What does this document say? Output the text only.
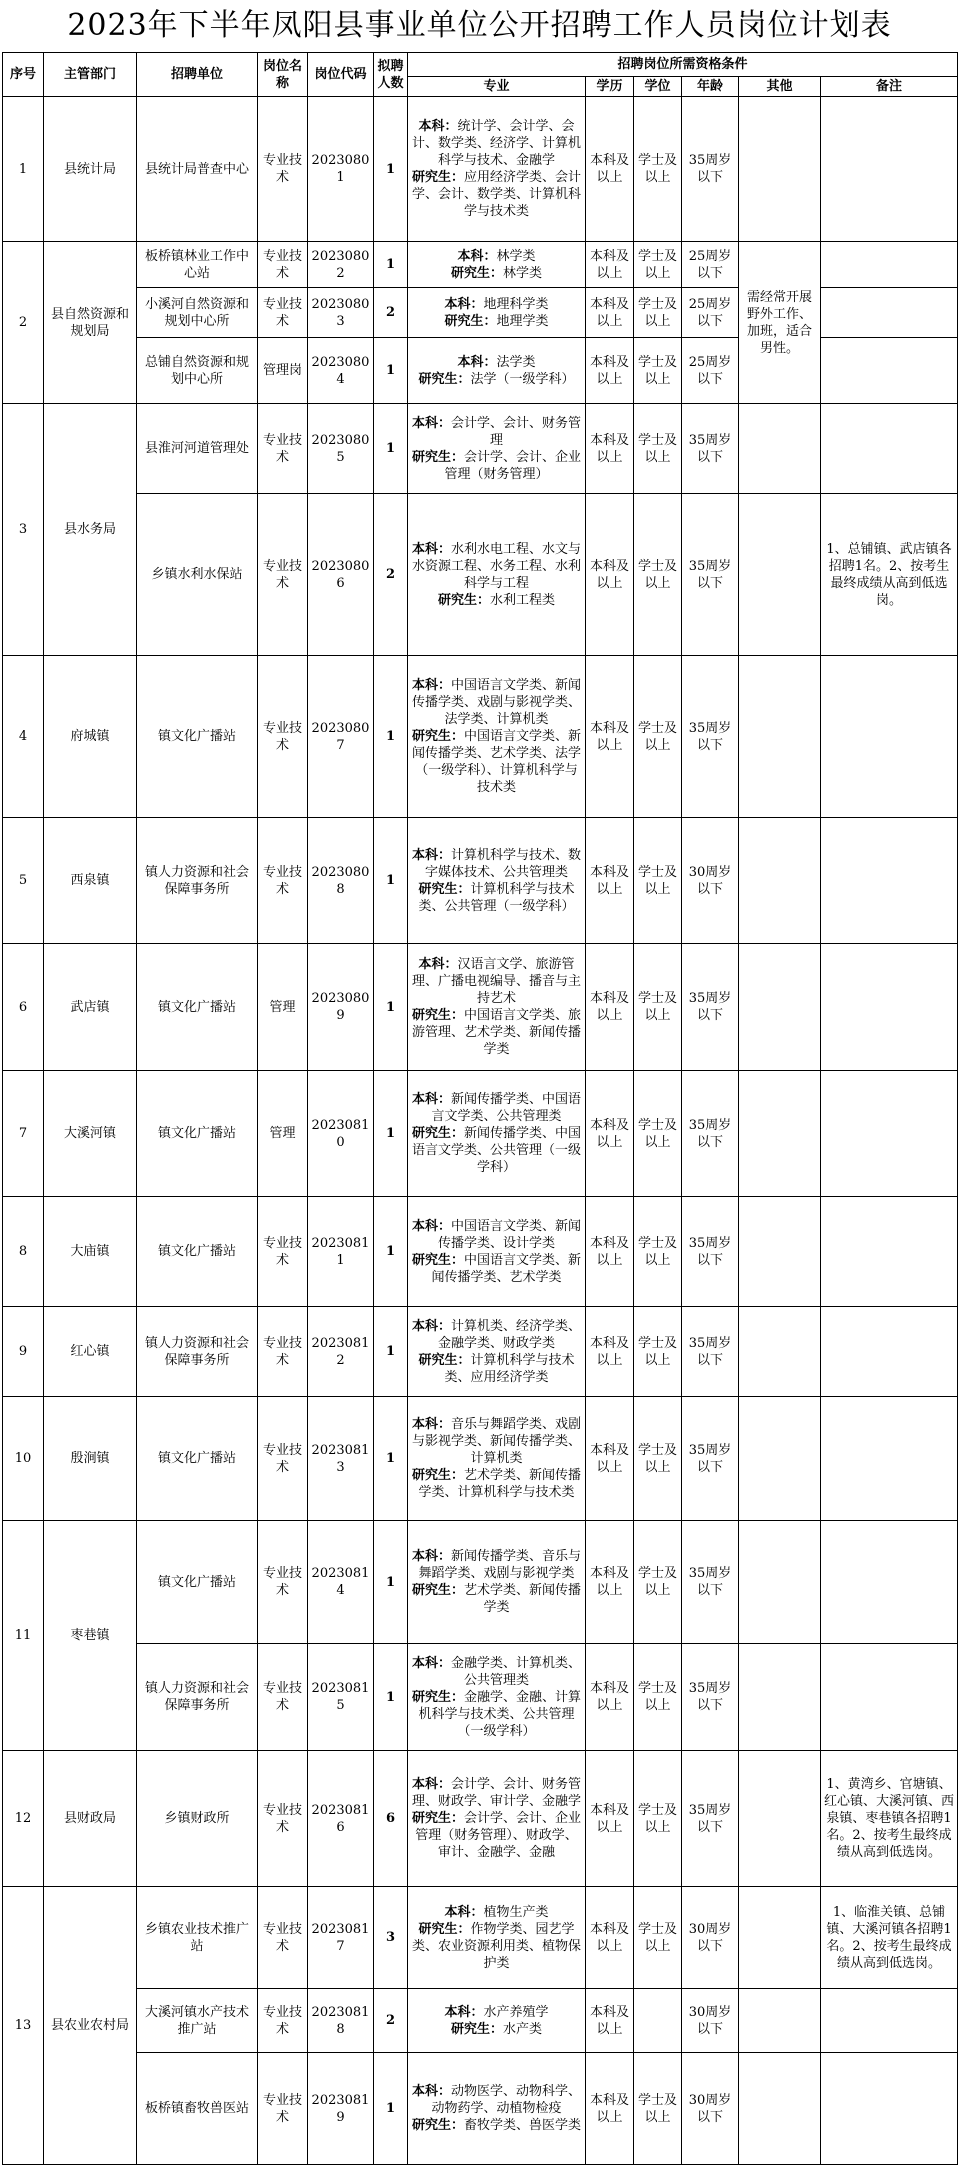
2023年下半年凤阳县事业单位公开招聘工作人员岗位计划表
序号	主管部门	招聘单位	岗位名称	岗位代码	拟聘人数	招聘岗位所需资格条件					
						专业	学历	学位	年龄	其他	备注
1	县统计局	县统计局普查中心	专业技术	20230801	1	本科：统计学、会计学、会计、数学类、经济学、计算机科学与技术、金融学
研究生：应用经济学类、会计学、会计、数学类、计算机科学与技术类	本科及以上	学士及以上	35周岁以下		
2	县自然资源和规划局	板桥镇林业工作中心站	专业技术	20230802	1	本科：林学类
研究生：林学类	本科及以上	学士及以上	25周岁以下	需经常开展野外工作、加班，适合男性。	
		小溪河自然资源和规划中心所	专业技术	20230803	2	本科：地理科学类
研究生：地理学类	本科及以上	学士及以上	25周岁以下		
		总铺自然资源和规划中心所	管理岗	20230804	1	本科：法学类
研究生：法学（一级学科）	本科及以上	学士及以上	25周岁以下		
3	县水务局	县淮河河道管理处	专业技术	20230805	1	本科：会计学、会计、财务管理
研究生：会计学、会计、企业管理（财务管理）	本科及以上	学士及以上	35周岁以下		
		乡镇水利水保站	专业技术	20230806	2	本科：水利水电工程、水文与水资源工程、水务工程、水利科学与工程
研究生：水利工程类	本科及以上	学士及以上	35周岁以下		1、总铺镇、武店镇各招聘1名。2、按考生最终成绩从高到低选岗。
4	府城镇	镇文化广播站	专业技术	20230807	1	本科：中国语言文学类、新闻传播学类、戏剧与影视学类、法学类、计算机类
研究生：中国语言文学类、新闻传播学类、艺术学类、法学（一级学科）、计算机科学与技术类	本科及以上	学士及以上	35周岁以下		
5	西泉镇	镇人力资源和社会保障事务所	专业技术	20230808	1	本科：计算机科学与技术、数字媒体技术、公共管理类
研究生：计算机科学与技术类、公共管理（一级学科）	本科及以上	学士及以上	30周岁以下		
6	武店镇	镇文化广播站	管理	20230809	1	本科：汉语言文学、旅游管理、广播电视编导、播音与主持艺术
研究生：中国语言文学类、旅游管理、艺术学类、新闻传播学类	本科及以上	学士及以上	35周岁以下		
7	大溪河镇	镇文化广播站	管理	20230810	1	本科：新闻传播学类、中国语言文学类、公共管理类
研究生：新闻传播学类、中国语言文学类、公共管理（一级学科）	本科及以上	学士及以上	35周岁以下		
8	大庙镇	镇文化广播站	专业技术	20230811	1	本科：中国语言文学类、新闻传播学类、设计学类
研究生：中国语言文学类、新闻传播学类、艺术学类	本科及以上	学士及以上	35周岁以下		
9	红心镇	镇人力资源和社会保障事务所	专业技术	20230812	1	本科：计算机类、经济学类、金融学类、财政学类
研究生：计算机科学与技术类、应用经济学类	本科及以上	学士及以上	35周岁以下		
10	殷涧镇	镇文化广播站	专业技术	20230813	1	本科：音乐与舞蹈学类、戏剧与影视学类、新闻传播学类、计算机类
研究生：艺术学类、新闻传播学类、计算机科学与技术类	本科及以上	学士及以上	35周岁以下		
11	枣巷镇	镇文化广播站	专业技术	20230814	1	本科：新闻传播学类、音乐与舞蹈学类、戏剧与影视学类
研究生：艺术学类、新闻传播学类	本科及以上	学士及以上	35周岁以下		
		镇人力资源和社会保障事务所	专业技术	20230815	1	本科：金融学类、计算机类、公共管理类
研究生：金融学、金融、计算机科学与技术类、公共管理（一级学科）	本科及以上	学士及以上	35周岁以下		
12	县财政局	乡镇财政所	专业技术	20230816	6	本科：会计学、会计、财务管理、财政学、审计学、金融学
研究生：会计学、会计、企业管理（财务管理）、财政学、审计、金融学、金融	本科及以上	学士及以上	35周岁以下		1、黄湾乡、官塘镇、红心镇、大溪河镇、西泉镇、枣巷镇各招聘1名。2、按考生最终成绩从高到低选岗。
13	县农业农村局	乡镇农业技术推广站	专业技术	20230817	3	本科：植物生产类
研究生：作物学类、园艺学类、农业资源利用类、植物保护类	本科及以上	学士及以上	30周岁以下		1、临淮关镇、总铺镇、大溪河镇各招聘1名。2、按考生最终成绩从高到低选岗。
		大溪河镇水产技术推广站	专业技术	20230818	2	本科：水产养殖学
研究生：水产类	本科及以上		30周岁以下		
		板桥镇畜牧兽医站	专业技术	20230819	1	本科：动物医学、动物科学、动物药学、动植物检疫
研究生：畜牧学类、兽医学类	本科及以上	学士及以上	30周岁以下		
